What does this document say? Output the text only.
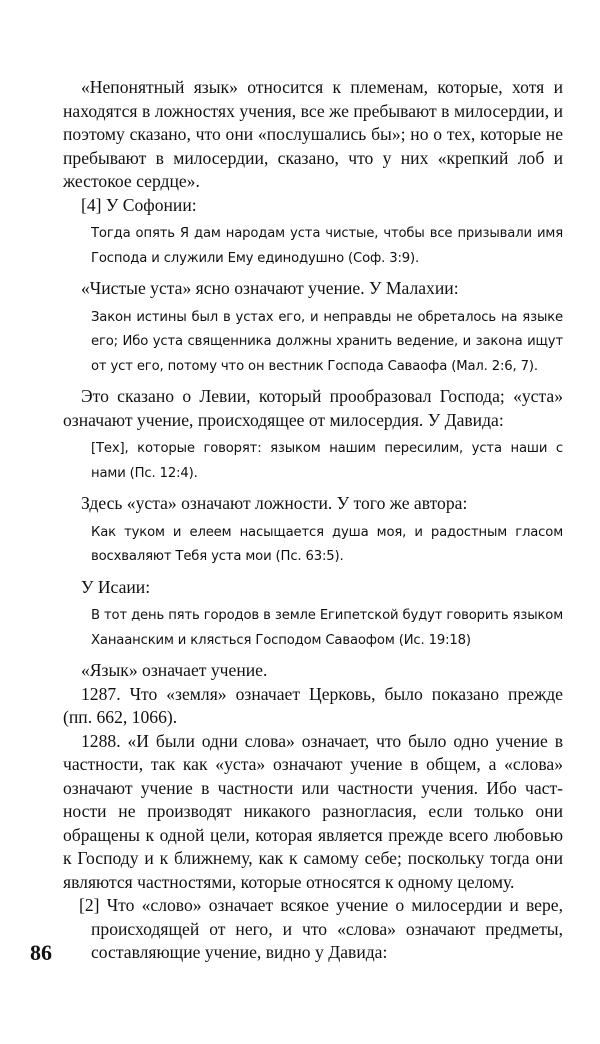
«Непонятный язык» относится к племенам, которые, хотя и находятся в ложностях учения, все же пребывают в милосердии, и поэтому сказано, что они «послушались бы»; но о тех, которые не пребывают в милосердии, сказано, что у них «крепкий лоб и жестокое сердце».

[4] У Софонии:

Тогда опять Я дам народам уста чистые, чтобы все призывали имя Господа и служили Ему единодушно (Соф. 3:9).

«Чистые уста» ясно означают учение. У Малахии:

Закон истины был в устах его, и неправды не обреталось на языке его; Ибо уста священника должны хранить ведение, и закона ищут от уст его, потому что он вестник Господа Саваофа (Мал. 2:6, 7).

Это сказано о Левии, который прообразовал Господа; «уста» означают учение, происходящее от милосердия. У Давида:

[Тех], которые говорят: языком нашим пересилим, уста наши с нами (Пс. 12:4).

Здесь «уста» означают ложности. У того же автора:

Как туком и елеем насыщается душа моя, и радостным гласом восхваляют Тебя уста мои (Пс. 63:5).

У Исаии:

В тот день пять городов в земле Египетской будут говорить языком Ханаанским и клясться Господом Саваофом (Ис. 19:18)

«Язык» означает учение.

1287. Что «земля» означает Церковь, было показано прежде (пп. 662, 1066).

1288. «И были одни слова» означает, что было одно учение в частности, так как «уста» означают учение в общем, а «слова» означают учение в частности или частности учения. Ибо частности не производят никакого разногласия, если только они обращены к одной цели, которая является прежде всего любовью к Господу и к ближнему, как к самому себе; поскольку тогда они являются частностями, которые относятся к одному целому.

[2] Что «слово» означает всякое учение о милосердии и вере, происходящей от него, и что «слова» означают предметы, составляющие учение, видно у Давида:

86
